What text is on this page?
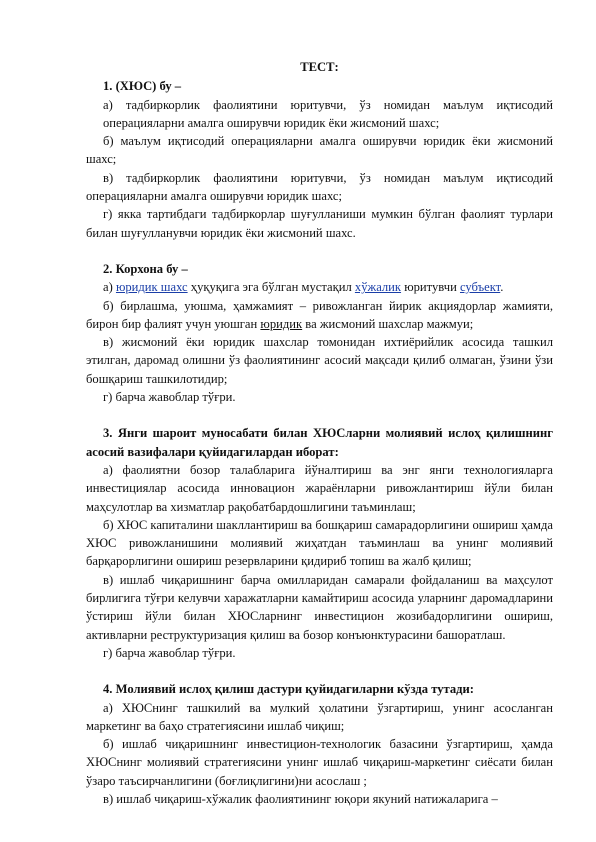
ТЕСТ:

1. (ХЮС) бу –

а) тадбиркорлик фаолиятини юритувчи, ўз номидан маълум иқтисодий операцияларни амалга оширувчи юридик ёки жисмоний шахс;

б) маълум иқтисодий операцияларни амалга оширувчи юридик ёки жисмоний шахс;

в) тадбиркорлик фаолиятини юритувчи, ўз номидан маълум иқтисодий операцияларни амалга оширувчи юридик шахс;

г) якка тартибдаги тадбиркорлар шуғулланиши мумкин бўлган фаолият турлари билан шуғулланувчи юридик ёки жисмоний шахс.

2. Корхона бу –

а) юридик шахс ҳуқуқига эга бўлган мустақил хўжалик юритувчи субъект.

б) бирлашма, уюшма, ҳамжамият – ривожланган йирик акциядорлар жамияти, бирон бир фалият учун уюшган юридик ва жисмоний шахслар мажмуи;

в) жисмоний ёки юридик шахслар томонидан ихтиёрийлик асосида ташкил этилган, даромад олишни ўз фаолиятининг асосий мақсади қилиб олмаган, ўзини ўзи бошқариш ташкилотидир;

г) барча жавоблар тўғри.

3. Янги шароит муносабати билан ХЮСларни молиявий иcлоҳ қилишнинг асосий вазифалари қуйидагилардан иборат:

а) фаолиятни бозор талабларига йўналтириш ва энг янги технологияларга инвестициялар асосида инновацион жараёнларни ривожлантириш йўли билан маҳсулотлар ва хизматлар рақобатбардошлигини таъминлаш;

б) ХЮС капиталини шакллантириш ва бошқариш самарадорлигини ошириш ҳамда ХЮС ривожланишини молиявий жиҳатдан таъминлаш ва унинг молиявий барқарорлигини ошириш резервларини қидириб топиш ва жалб қилиш;

в) ишлаб чиқаришнинг барча омилларидан самарали фойдаланиш ва маҳсулот бирлигига тўғри келувчи харажатларни камайтириш асосида уларнинг даромадларини ўстириш йўли билан ХЮСларнинг инвестицион жозибадорлигини ошириш, активларни реструктуризация қилиш ва бозор конъюнктурасини башоратлаш.

г) барча жавоблар тўғри.

4. Молиявий иcлоҳ қилиш дастури қуйидагиларни кўзда тутади:

а) ХЮСнинг ташкилий ва мулкий ҳолатини ўзгартириш, унинг асосланган маркетинг ва баҳо стратегиясини ишлаб чиқиш;

б) ишлаб чиқаришнинг инвестицион-технологик базасини ўзгартириш, ҳамда ХЮСнинг молиявий стратегиясини унинг ишлаб чиқариш-маркетинг сиёсати билан ўзаро таъсирчанлигини (боғлиқлигини)ни асослаш ;

в) ишлаб чиқариш-хўжалик фаолиятининг юқори якуний натижаларига –
